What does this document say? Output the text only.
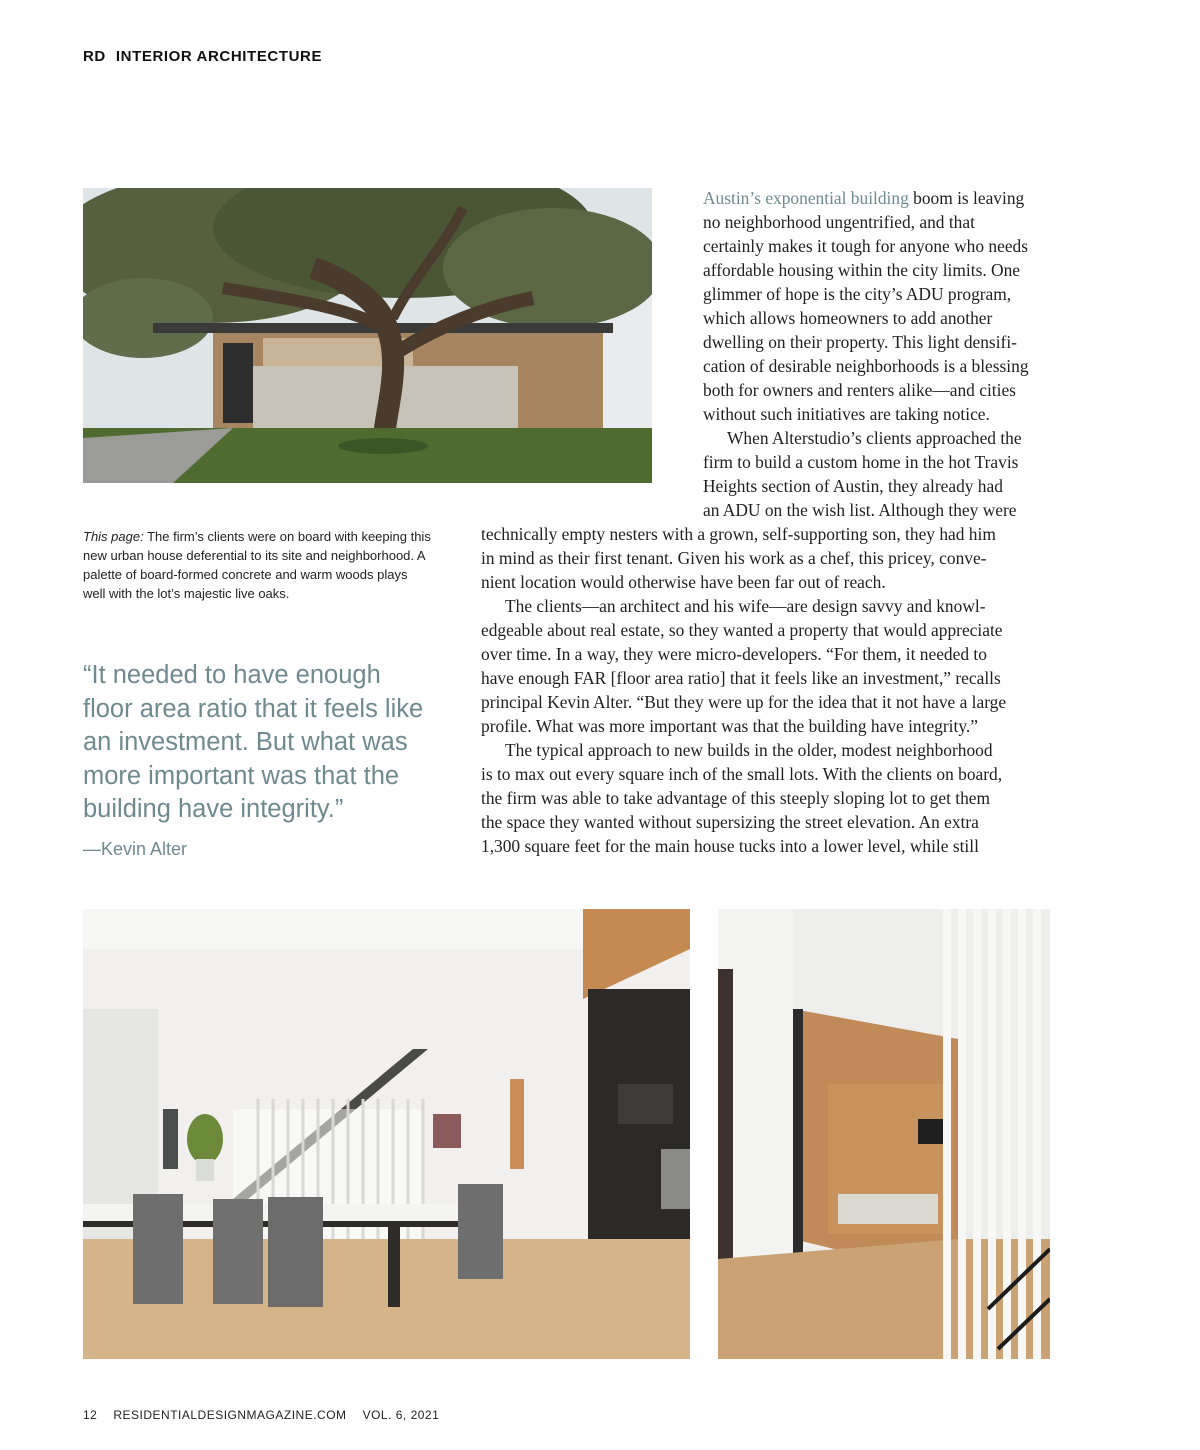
RD INTERIOR ARCHITECTURE
This page: The firm’s clients were on board with keeping this new urban house deferential to its site and neighborhood. A palette of board-formed concrete and warm woods plays well with the lot’s majestic live oaks.
“It needed to have enough
floor area ratio that it feels like
an investment. But what was
more important was that the
building have integrity.”
—Kevin Alter
Austin’s exponential building boom is leaving
no neighborhood ungentrified, and that
certainly makes it tough for anyone who needs
affordable housing within the city limits. One
glimmer of hope is the city’s ADU program,
which allows homeowners to add another
dwelling on their property. This light densifi-
cation of desirable neighborhoods is a blessing
both for owners and renters alike—and cities
without such initiatives are taking notice.
When Alterstudio’s clients approached the
firm to build a custom home in the hot Travis
Heights section of Austin, they already had
an ADU on the wish list. Although they were
technically empty nesters with a grown, self-supporting son, they had him
in mind as their first tenant. Given his work as a chef, this pricey, conve-
nient location would otherwise have been far out of reach.
The clients—an architect and his wife—are design savvy and knowl-
edgeable about real estate, so they wanted a property that would appreciate
over time. In a way, they were micro-developers. “For them, it needed to
have enough FAR [floor area ratio] that it feels like an investment,” recalls
principal Kevin Alter. “But they were up for the idea that it not have a large
profile. What was more important was that the building have integrity.”
The typical approach to new builds in the older, modest neighborhood
is to max out every square inch of the small lots. With the clients on board,
the firm was able to take advantage of this steeply sloping lot to get them
the space they wanted without supersizing the street elevation. An extra
1,300 square feet for the main house tucks into a lower level, while still
12 RESIDENTIALDESIGNMAGAZINE.COM VOL. 6, 2021
